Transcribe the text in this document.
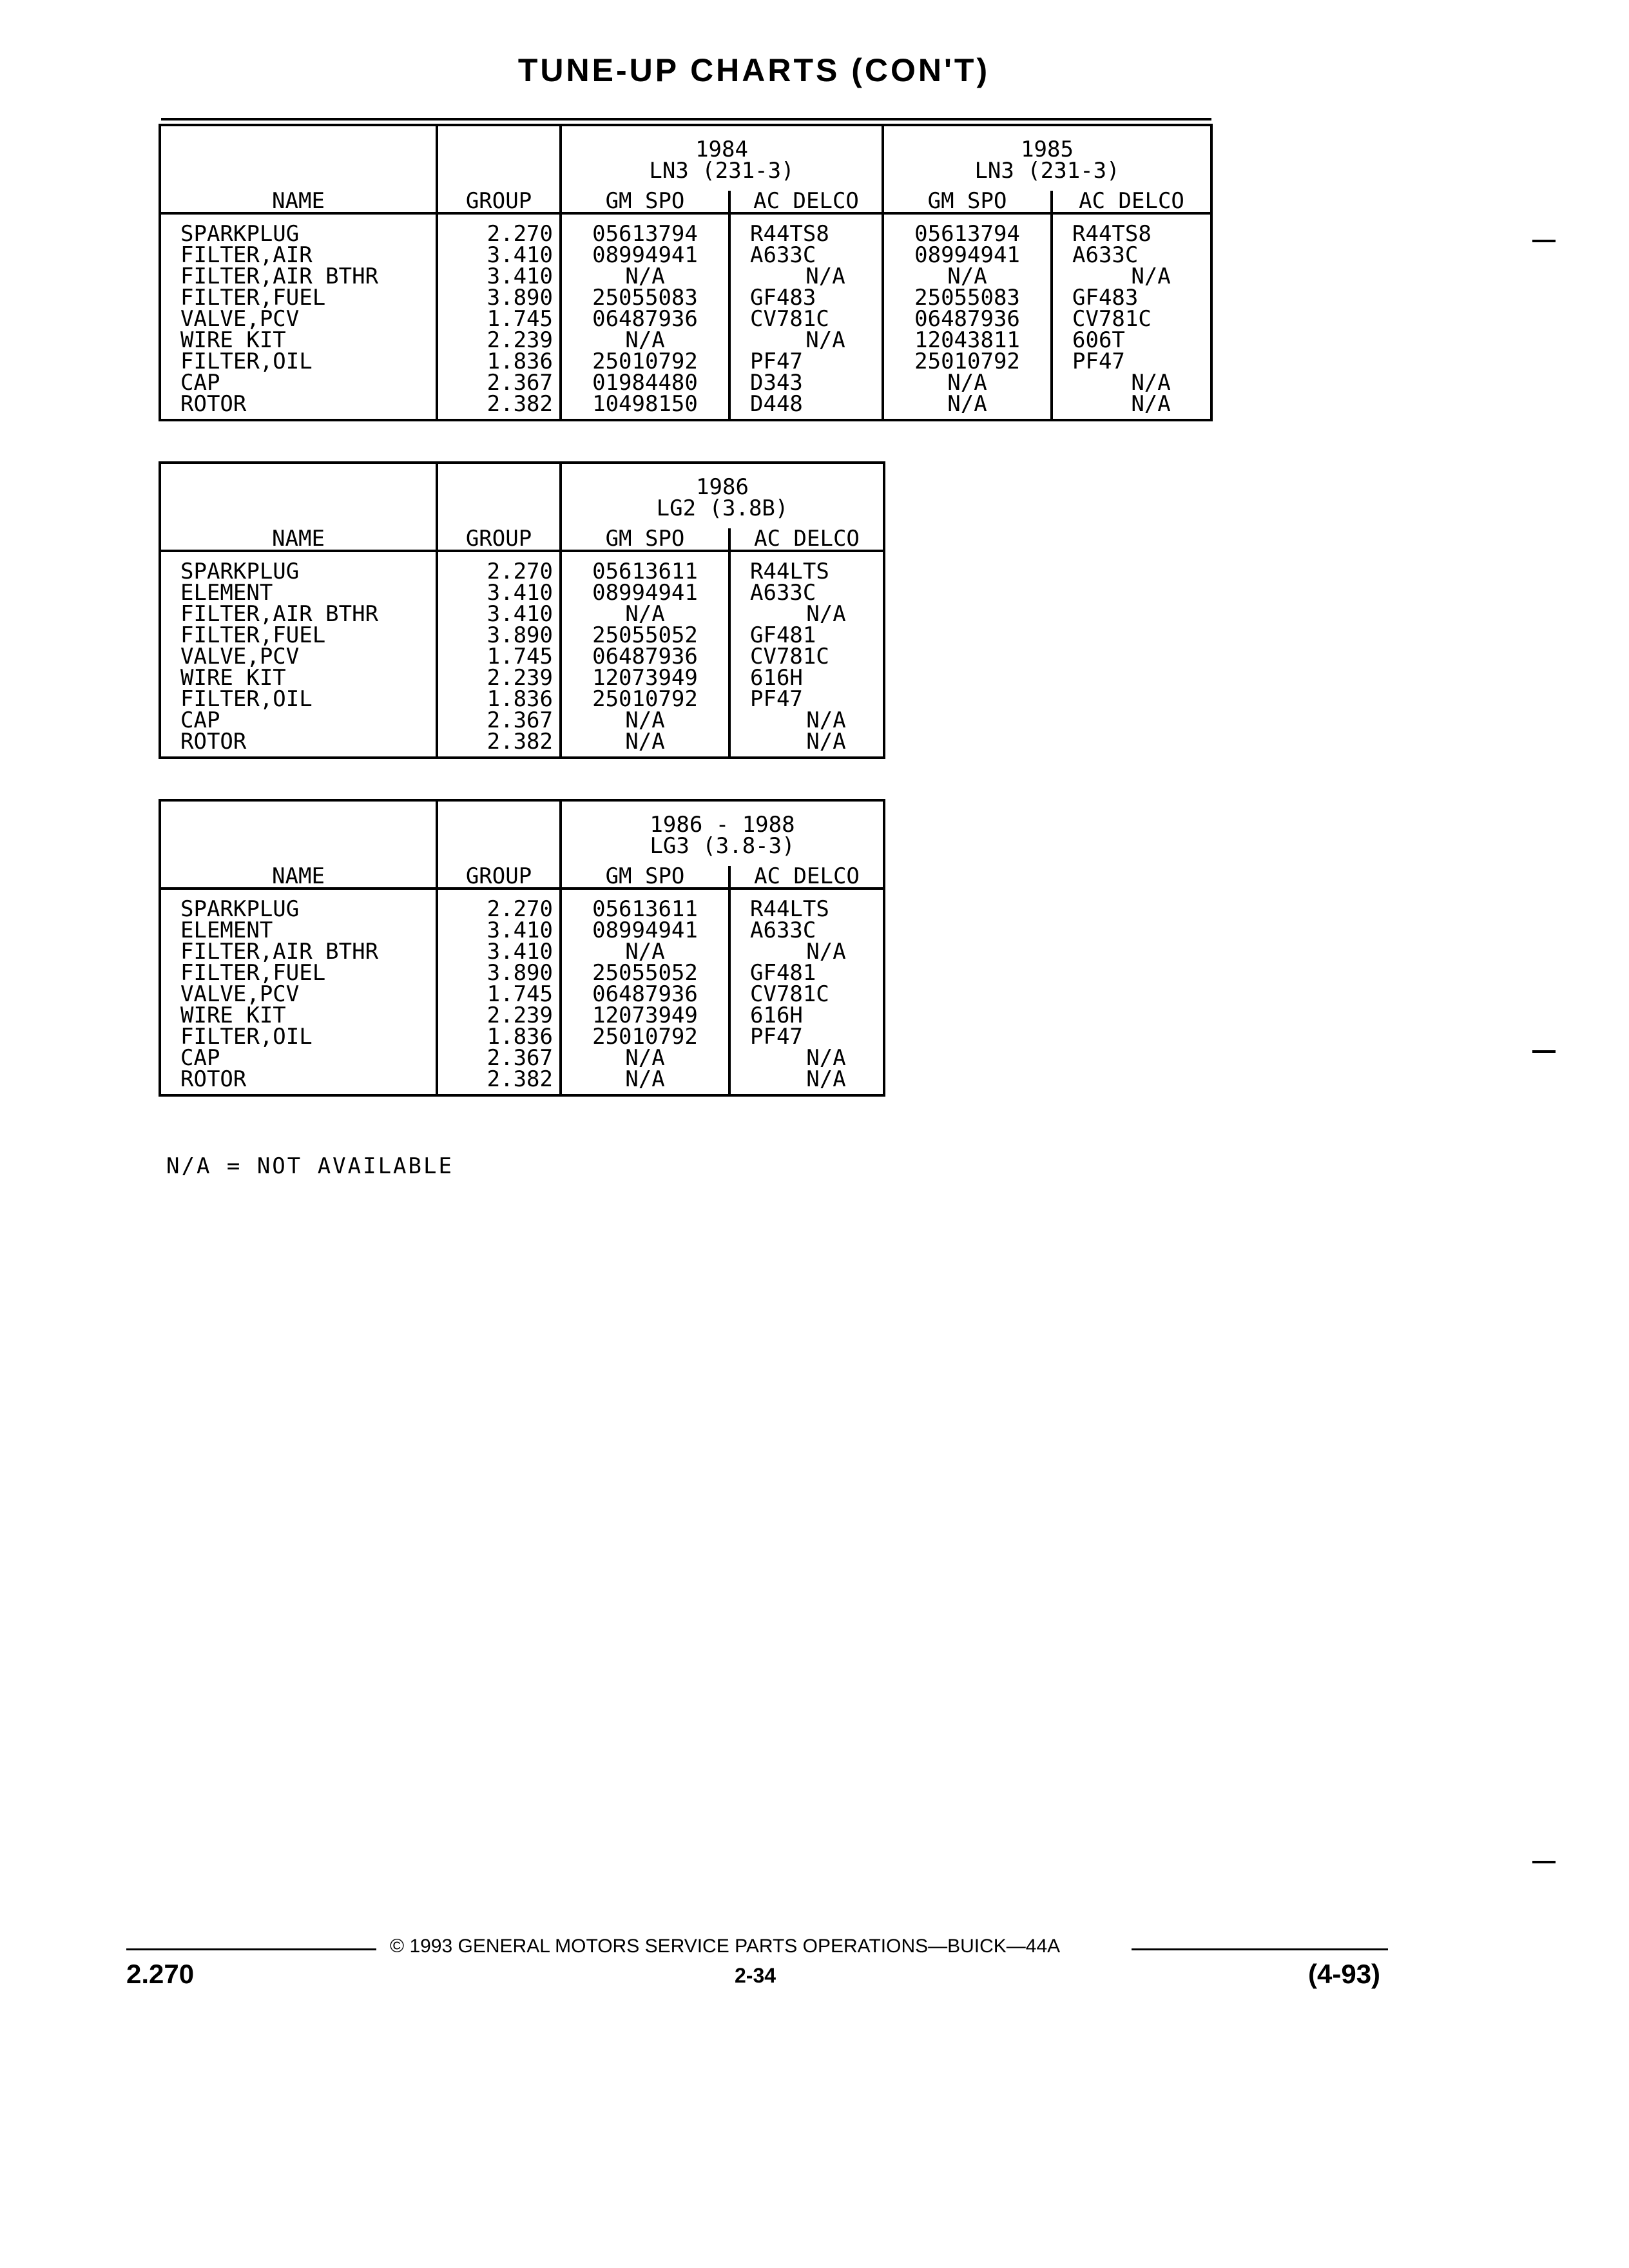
TUNE-UP CHARTS (CON'T)

		1984
LN3 (231-3)		1985
LN3 (231-3)	

NAME	GROUP	GM SPO	AC DELCO	GM SPO	AC DELCO
SPARKPLUG	2.270	05613794	R44TS8	05613794	R44TS8
FILTER,AIR	3.410	08994941	A633C	08994941	A633C
FILTER,AIR BTHR	3.410	N/A	N/A	N/A	N/A
FILTER,FUEL	3.890	25055083	GF483	25055083	GF483
VALVE,PCV	1.745	06487936	CV781C	06487936	CV781C
WIRE KIT	2.239	N/A	N/A	12043811	606T
FILTER,OIL	1.836	25010792	PF47	25010792	PF47
CAP	2.367	01984480	D343	N/A	N/A
ROTOR	2.382	10498150	D448	N/A	N/A

		1986
LG2 (3.8B)	

NAME	GROUP	GM SPO	AC DELCO
SPARKPLUG	2.270	05613611	R44LTS
ELEMENT	3.410	08994941	A633C
FILTER,AIR BTHR	3.410	N/A	N/A
FILTER,FUEL	3.890	25055052	GF481
VALVE,PCV	1.745	06487936	CV781C
WIRE KIT	2.239	12073949	616H
FILTER,OIL	1.836	25010792	PF47
CAP	2.367	N/A	N/A
ROTOR	2.382	N/A	N/A

		1986 - 1988
LG3 (3.8-3)	

NAME	GROUP	GM SPO	AC DELCO
SPARKPLUG	2.270	05613611	R44LTS
ELEMENT	3.410	08994941	A633C
FILTER,AIR BTHR	3.410	N/A	N/A
FILTER,FUEL	3.890	25055052	GF481
VALVE,PCV	1.745	06487936	CV781C
WIRE KIT	2.239	12073949	616H
FILTER,OIL	1.836	25010792	PF47
CAP	2.367	N/A	N/A
ROTOR	2.382	N/A	N/A
N/A = NOT AVAILABLE
© 1993 GENERAL MOTORS SERVICE PARTS OPERATIONS—BUICK—44A
2.270	2-34	(4-93)
